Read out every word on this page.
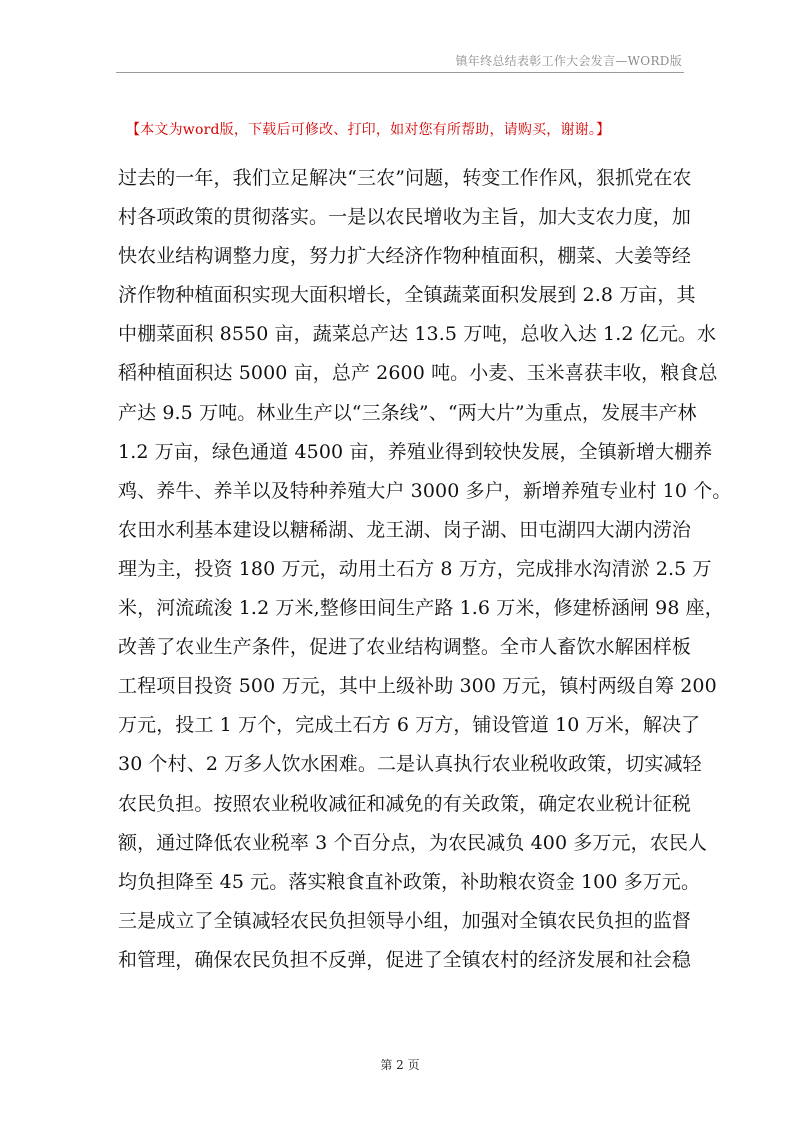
镇年终总结表彰工作大会发言—WORD版
【本文为word版，下载后可修改、打印，如对您有所帮助，请购买，谢谢。】
过去的一年，我们立足解决“三农”问题，转变工作作风，狠抓党在农
村各项政策的贯彻落实。一是以农民增收为主旨，加大支农力度，加
快农业结构调整力度，努力扩大经济作物种植面积，棚菜、大姜等经
济作物种植面积实现大面积增长，全镇蔬菜面积发展到 2.8 万亩，其
中棚菜面积 8550 亩，蔬菜总产达 13.5 万吨，总收入达 1.2 亿元。水
稻种植面积达 5000 亩，总产 2600 吨。小麦、玉米喜获丰收，粮食总
产达 9.5 万吨。林业生产以“三条线”、“两大片”为重点，发展丰产林
1.2 万亩，绿色通道 4500 亩，养殖业得到较快发展，全镇新增大棚养
鸡、养牛、养羊以及特种养殖大户 3000 多户，新增养殖专业村 10 个。
农田水利基本建设以糖稀湖、龙王湖、岗子湖、田屯湖四大湖内涝治
理为主，投资 180 万元，动用土石方 8 万方，完成排水沟清淤 2.5 万
米，河流疏浚 1.2 万米,整修田间生产路 1.6 万米，修建桥涵闸 98 座，
改善了农业生产条件，促进了农业结构调整。全市人畜饮水解困样板
工程项目投资 500 万元，其中上级补助 300 万元，镇村两级自筹 200
万元，投工 1 万个，完成土石方 6 万方，铺设管道 10 万米，解决了
30 个村、2 万多人饮水困难。二是认真执行农业税收政策，切实减轻
农民负担。按照农业税收减征和减免的有关政策，确定农业税计征税
额，通过降低农业税率 3 个百分点，为农民减负 400 多万元，农民人
均负担降至 45 元。落实粮食直补政策，补助粮农资金 100 多万元。
三是成立了全镇减轻农民负担领导小组，加强对全镇农民负担的监督
和管理，确保农民负担不反弹，促进了全镇农村的经济发展和社会稳
第 2 页
